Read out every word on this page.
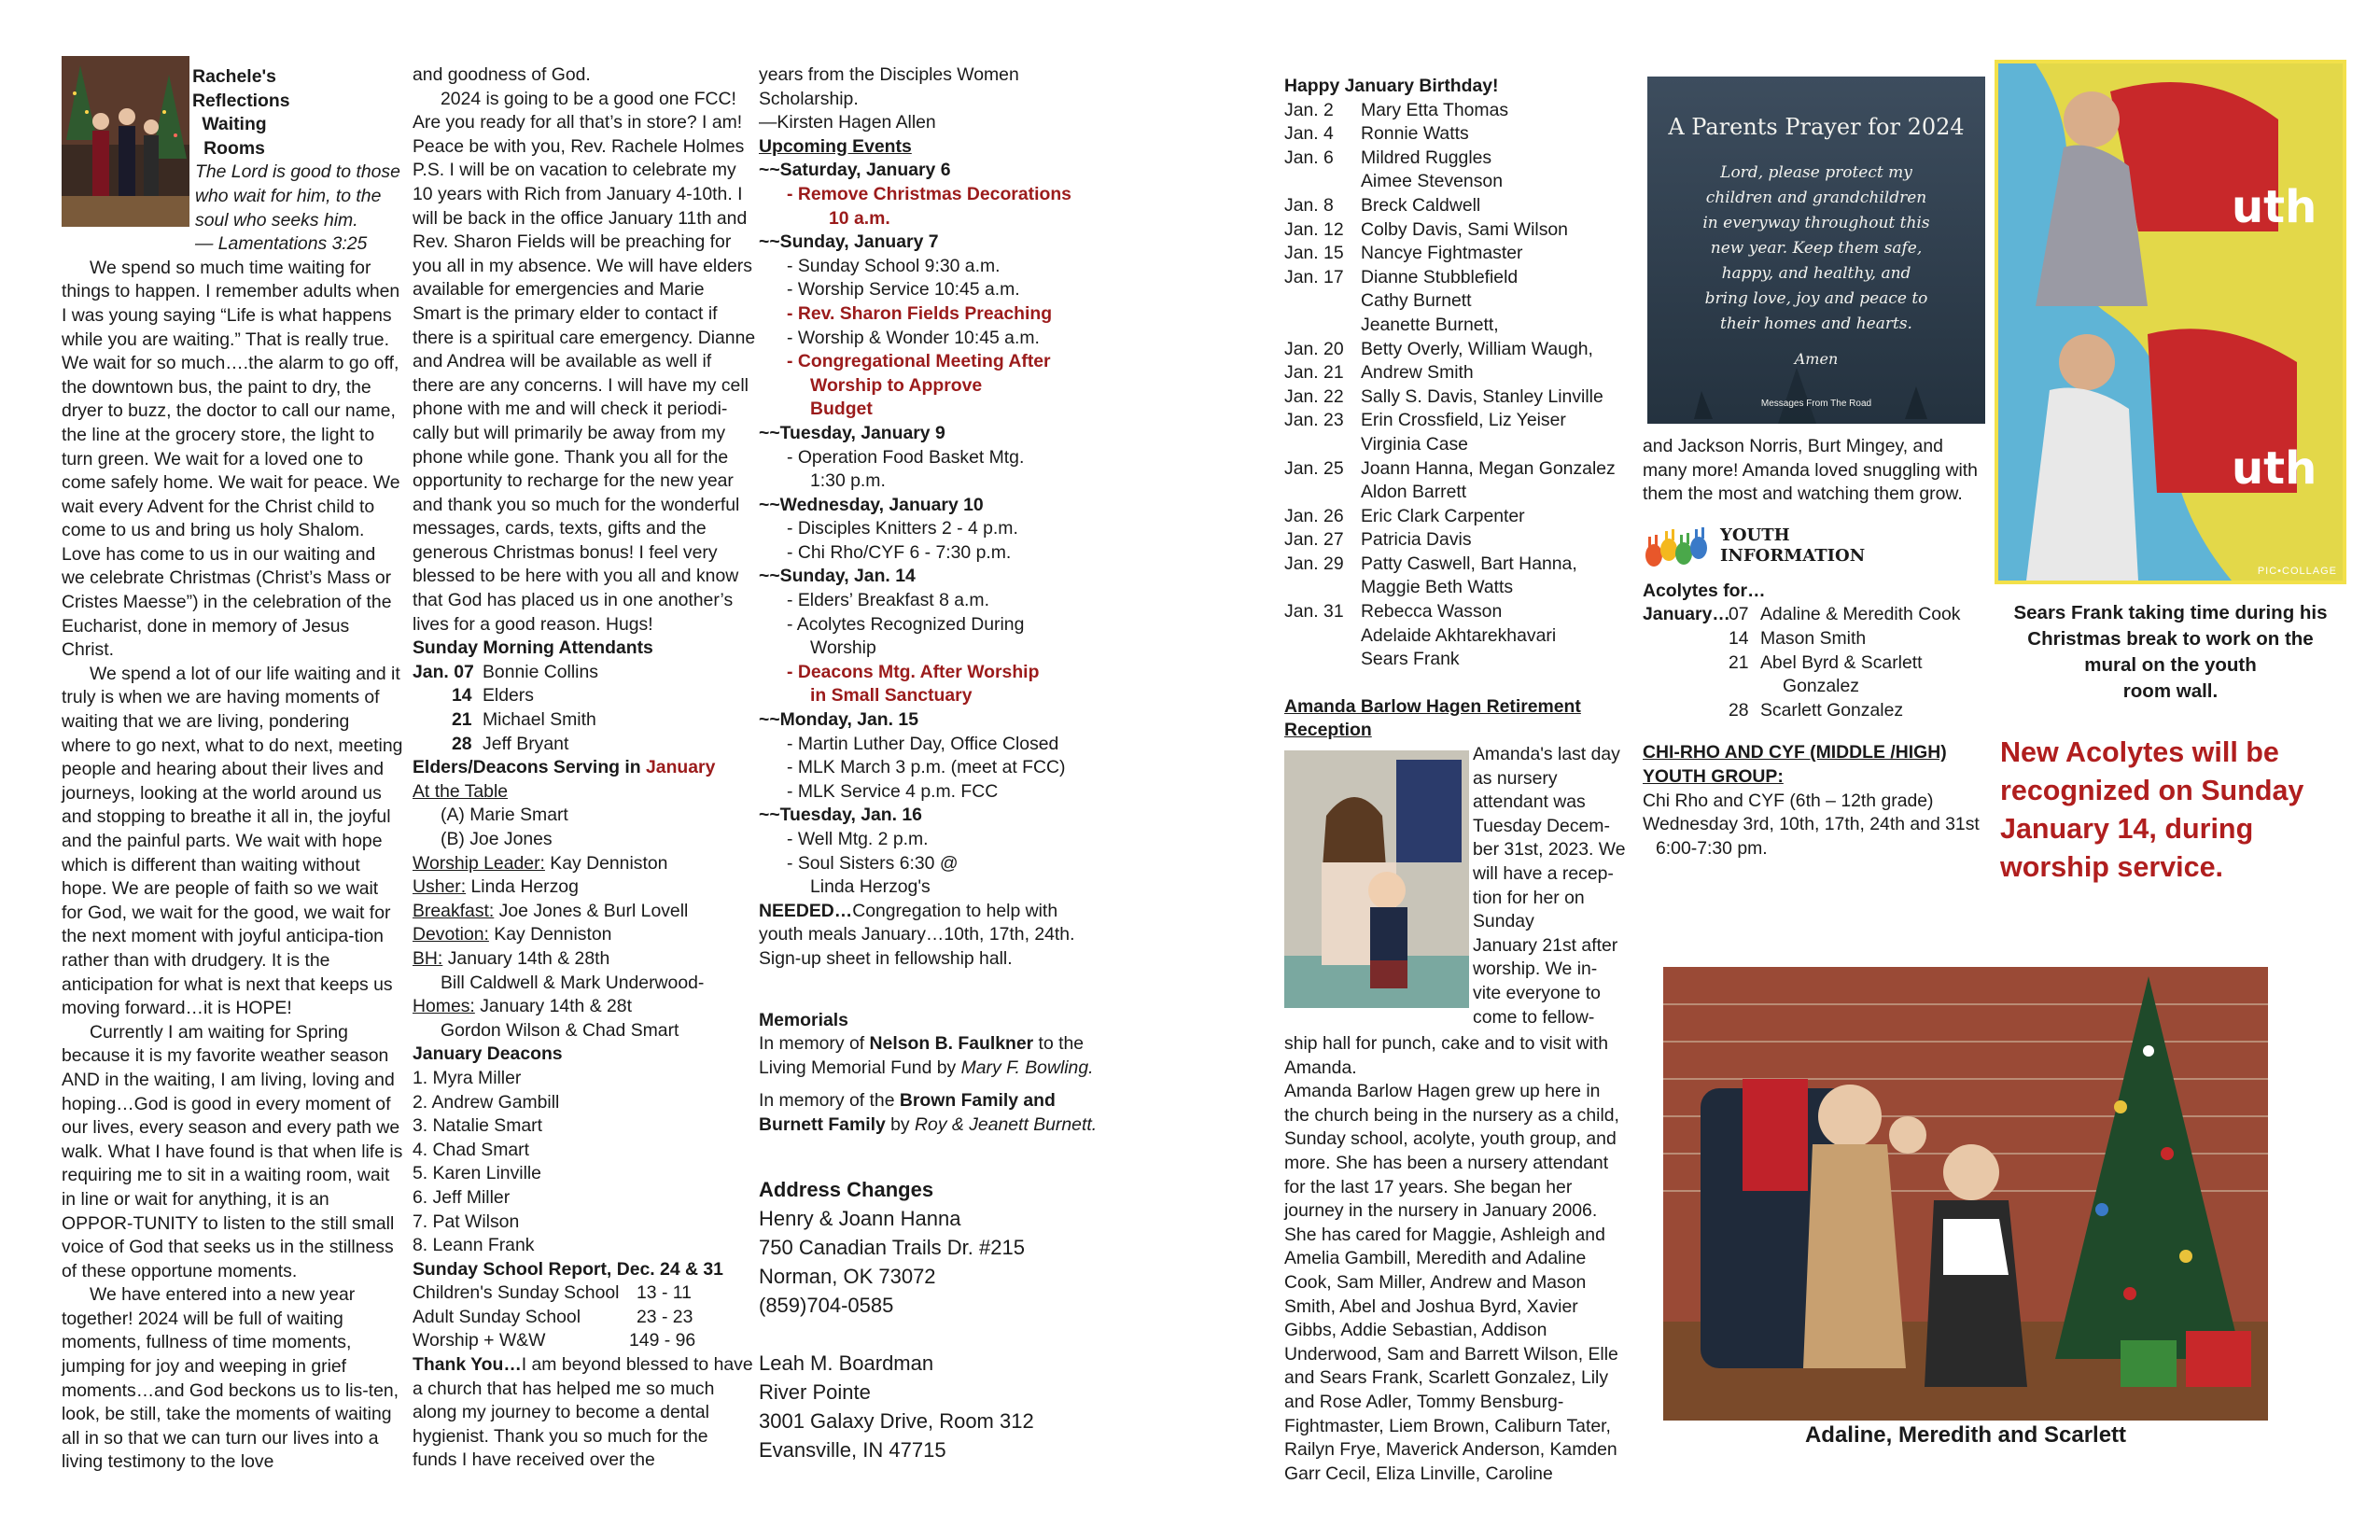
Rachele's
Reflections
Waiting Rooms
The Lord is good to those
who wait for him, to the
soul who seeks him.
— Lamentations 3:25

We spend so much time waiting for things to happen. I remember adults when I was young saying “Life is what happens while you are waiting.” That is really true. We wait for so much….the alarm to go off, the downtown bus, the paint to dry, the dryer to buzz, the doctor to call our name, the line at the grocery store, the light to turn green. We wait for a loved one to come safely home. We wait for peace. We wait every Advent for the Christ child to come to us and bring us holy Shalom. Love has come to us in our waiting and we celebrate Christmas (Christ’s Mass or Cristes Maesse”) in the celebration of the Eucharist, done in memory of Jesus Christ.

We spend a lot of our life waiting and it truly is when we are having moments of waiting that we are living, pondering where to go next, what to do next, meeting people and hearing about their lives and journeys, looking at the world around us and stopping to breathe it all in, the joyful and the painful parts. We wait with hope which is different than waiting without hope. We are people of faith so we wait for God, we wait for the good, we wait for the next moment with joyful anticipa-tion rather than with drudgery. It is the anticipation for what is next that keeps us moving forward…it is HOPE!

Currently I am waiting for Spring because it is my favorite weather season AND in the waiting, I am living, loving and hoping…God is good in every moment of our lives, every season and every path we walk. What I have found is that when life is requiring me to sit in a waiting room, wait in line or wait for anything, it is an OPPOR-TUNITY to listen to the still small voice of God that seeks us in the stillness of these opportune moments.

We have entered into a new year together! 2024 will be full of waiting moments, fullness of time moments, jumping for joy and weeping in grief moments…and God beckons us to lis-ten, look, be still, take the moments of waiting all in so that we can turn our lives into a living testimony to the love

and goodness of God.

2024 is going to be a good one FCC! Are you ready for all that’s in store? I am! Peace be with you, Rev. Rachele Holmes

P.S. I will be on vacation to celebrate my 10 years with Rich from January 4-10th. I will be back in the office January 11th and Rev. Sharon Fields will be preaching for you all in my absence. We will have elders available for emergencies and Marie Smart is the primary elder to contact if there is a spiritual care emergency. Dianne and Andrea will be available as well if there are any concerns. I will have my cell phone with me and will check it periodi-cally but will primarily be away from my phone while gone. Thank you all for the opportunity to recharge for the new year and thank you so much for the wonderful messages, cards, texts, gifts and the generous Christmas bonus! I feel very blessed to be here with you all and know that God has placed us in one another’s lives for a good reason. Hugs!

Sunday Morning Attendants
Jan. 07 Bonnie Collins
14 Elders
21 Michael Smith
28 Jeff Bryant
Elders/Deacons Serving in January
At the Table
(A) Marie Smart
(B) Joe Jones
Worship Leader: Kay Denniston
Usher: Linda Herzog
Breakfast: Joe Jones & Burl Lovell
Devotion: Kay Denniston
BH: January 14th & 28th
Bill Caldwell & Mark Underwood-
Homes: January 14th & 28t
Gordon Wilson & Chad Smart
January Deacons
1. Myra Miller
2. Andrew Gambill
3. Natalie Smart
4. Chad Smart
5. Karen Linville
6. Jeff Miller
7. Pat Wilson
8. Leann Frank
Sunday School Report, Dec. 24 & 31
Children's Sunday School 13 - 11
Adult Sunday School	23 - 23
Worship + W&W	149 - 96

Thank You…I am beyond blessed to have a church that has helped me so much along my journey to become a dental hygienist. Thank you so much for the funds I have received over the

years from the Disciples Women Scholarship.

—Kirsten Hagen Allen
Upcoming Events
~~Saturday, January 6
- Remove Christmas Decorations
10 a.m.
~~Sunday, January 7
- Sunday School 9:30 a.m.
- Worship Service 10:45 a.m.
- Rev. Sharon Fields Preaching
- Worship & Wonder 10:45 a.m.
- Congregational Meeting After
Worship to Approve
Budget
~~Tuesday, January 9
- Operation Food Basket Mtg.
1:30 p.m.
~~Wednesday, January 10
- Disciples Knitters 2 - 4 p.m.
- Chi Rho/CYF 6 - 7:30 p.m.
~~Sunday, Jan. 14
- Elders’ Breakfast 8 a.m.
- Acolytes Recognized During
Worship
- Deacons Mtg. After Worship
in Small Sanctuary
~~Monday, Jan. 15
- Martin Luther Day, Office Closed
- MLK March 3 p.m. (meet at FCC)
- MLK Service 4 p.m. FCC
~~Tuesday, Jan. 16
- Well Mtg. 2 p.m.
- Soul Sisters 6:30 @
Linda Herzog's

NEEDED…Congregation to help with youth meals January…10th, 17th, 24th. Sign-up sheet in fellowship hall.

Memorials

In memory of Nelson B. Faulkner to the Living Memorial Fund by Mary F. Bowling.

In memory of the Brown Family and Burnett Family by Roy & Jeanett Burnett.

Address Changes
Henry & Joann Hanna
750 Canadian Trails Dr. #215
Norman, OK 73072
(859)704-0585
Leah M. Boardman
River Pointe
3001 Galaxy Drive, Room 312
Evansville, IN 47715
Happy January Birthday!
Jan. 2	Mary Etta Thomas
Jan. 4	Ronnie Watts
Jan. 6	Mildred Ruggles
Aimee Stevenson
Jan. 8	Breck Caldwell
Jan. 12 Colby Davis, Sami Wilson
Jan. 15 Nancye Fightmaster
Jan. 17 Dianne Stubblefield
Cathy Burnett
Jeanette Burnett,
Jan. 20 Betty Overly, William Waugh,
Jan. 21 Andrew Smith
Jan. 22 Sally S. Davis, Stanley Linville
Jan. 23 Erin Crossfield, Liz Yeiser
Virginia Case
Jan. 25 Joann Hanna, Megan Gonzalez
Aldon Barrett
Jan. 26 Eric Clark Carpenter
Jan. 27 Patricia Davis
Jan. 29 Patty Caswell, Bart Hanna,
Maggie Beth Watts
Jan. 31 Rebecca Wasson
Adelaide Akhtarekhavari
Sears Frank
Amanda Barlow Hagen Retirement Reception
Amanda's last day
as nursery
attendant was
Tuesday Decem-
ber 31st, 2023. We
will have a recep-
tion for her on
Sunday
January 21st after
worship. We in-
vite everyone to
come to fellow-

ship hall for punch, cake and to visit with Amanda.

Amanda Barlow Hagen grew up here in the church being in the nursery as a child, Sunday school, acolyte, youth group, and more. She has been a nursery attendant for the last 17 years. She began her journey in the nursery in January 2006. She has cared for Maggie, Ashleigh and Amelia Gambill, Meredith and Adaline Cook, Sam Miller, Andrew and Mason Smith, Abel and Joshua Byrd, Xavier Gibbs, Addie Sebastian, Addison Underwood, Sam and Barrett Wilson, Elle and Sears Frank, Scarlett Gonzalez, Lily and Rose Adler, Tommy Bensburg-Fightmaster, Liem Brown, Caliburn Tater, Railyn Frye, Maverick Anderson, Kamden Garr Cecil, Eliza Linville, Caroline

A Parents Prayer for 2024
Lord, please protect my
children and grandchildren
in everyway throughout this
new year. Keep them safe,
happy, and healthy, and
bring love, joy and peace to
their homes and hearts.
Amen
Messages From The Road

and Jackson Norris, Burt Mingey, and many more! Amanda loved snuggling with them the most and watching them grow.

YOUTH
INFORMATION
Acolytes for…
January…
07 Adaline & Meredith Cook
14 Mason Smith
21 Abel Byrd & Scarlett
Gonzalez
28 Scarlett Gonzalez
CHI-RHO AND CYF (MIDDLE /HIGH)
YOUTH GROUP:
Chi Rho and CYF (6th – 12th grade)
Wednesday 3rd, 10th, 17th, 24th and 31st
6:00-7:30 pm.
uth
uth
PIC•COLLAGE
Sears Frank taking time during his
Christmas break to work on the
mural on the youth
room wall.
New Acolytes will be
recognized on Sunday
January 14, during
worship service.
Adaline, Meredith and Scarlett
